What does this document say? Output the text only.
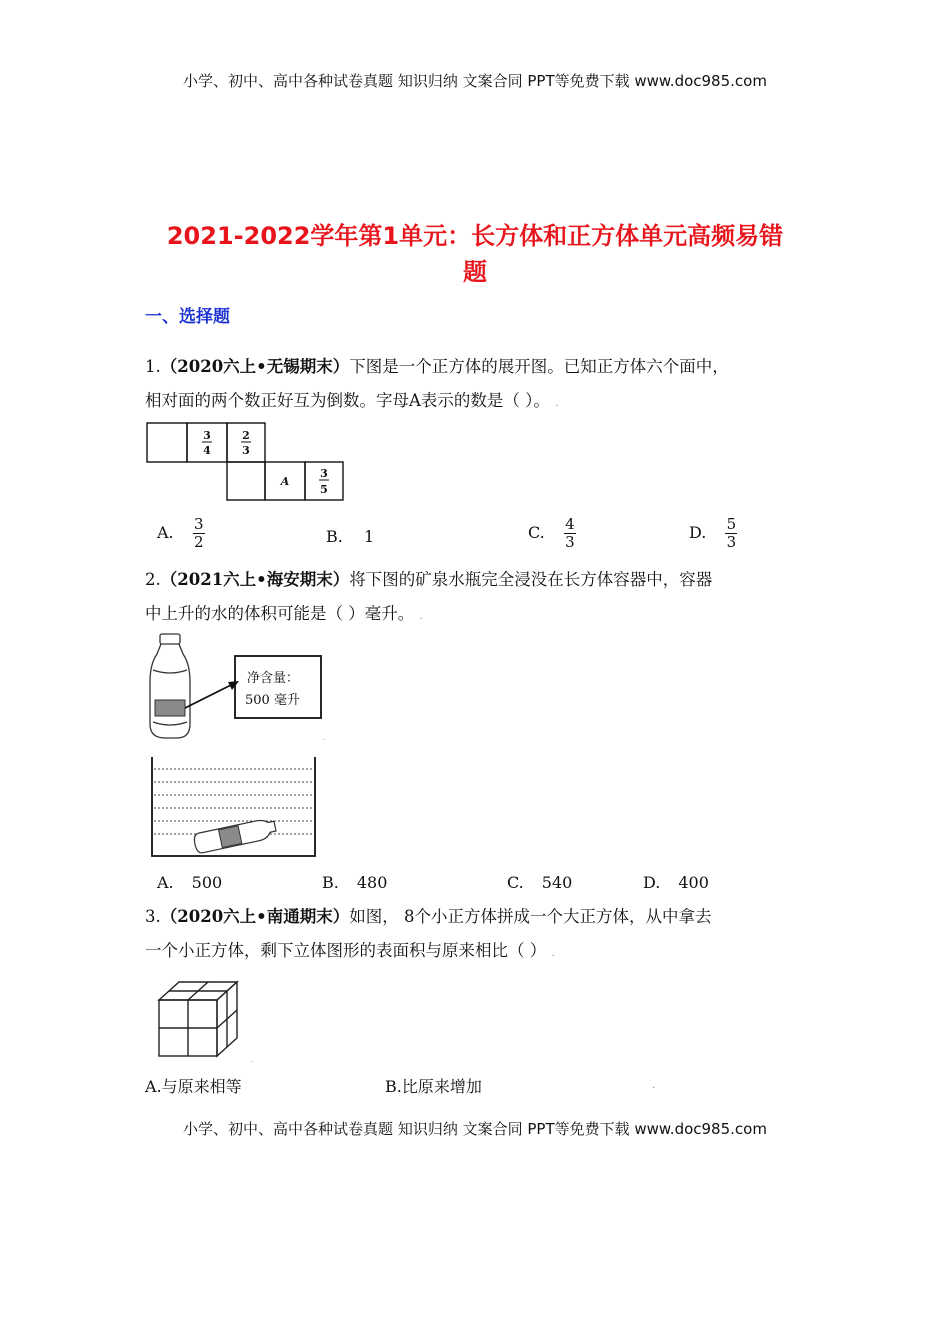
小学、初中、高中各种试卷真题 知识归纳 文案合同 PPT等免费下载 www.doc985.com
2021-2022学年第1单元：长方体和正方体单元高频易错
题
一、选择题
1.（2020六上•无锡期末）下图是一个正方体的展开图。已知正方体六个面中，
相对面的两个数正好互为倒数。字母A表示的数是（ ）。 .
3
4
2
3
A
3
5
A. $\frac{3}{2}$	B. 1	C. $\frac{4}{3}$	D. $\frac{5}{3}$
2.（2021六上•海安期末）将下图的矿泉水瓶完全浸没在长方体容器中，容器
中上升的水的体积可能是（ ）毫升。 .
净含量：
500 毫升
.
A. 500	B. 480	C. 540	D. 400
3.（2020六上•南通期末）如图， 8个小正方体拼成一个大正方体，从中拿去
一个小正方体，剩下立体图形的表面积与原来相比（ ） .
.
A.与原来相等	B.比原来增加	.
小学、初中、高中各种试卷真题 知识归纳 文案合同 PPT等免费下载 www.doc985.com
